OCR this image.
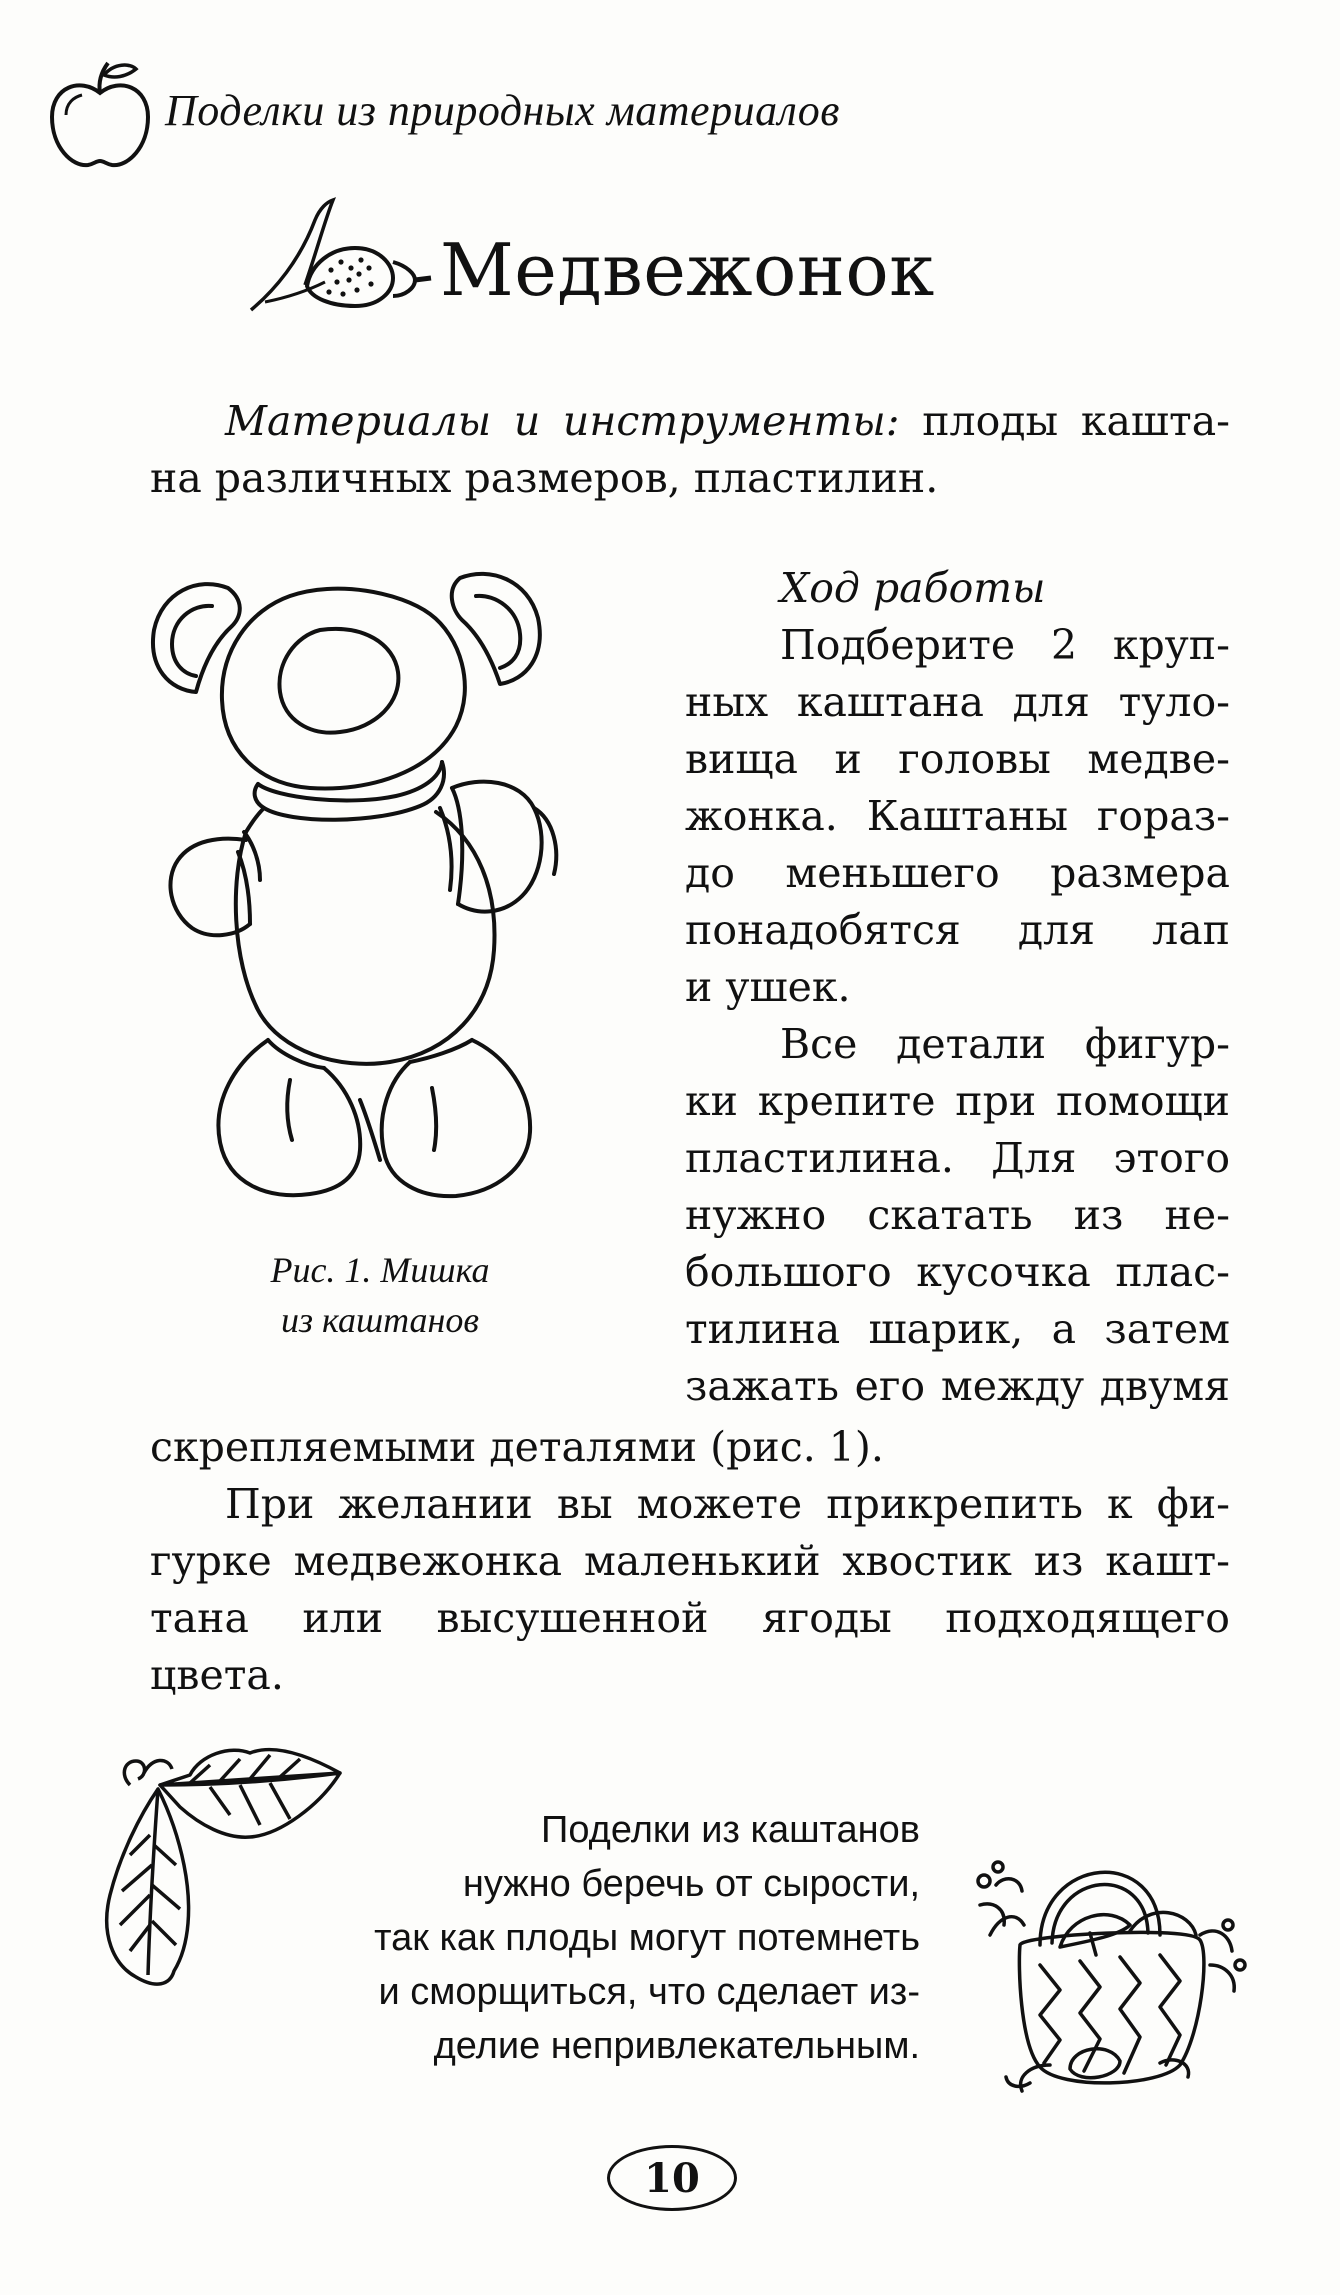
Поделки из природных материалов
Медвежонок
Материалы и инструменты: плоды кашта-
на различных размеров, пластилин.
Ход работы
Подберите 2 круп-
ных каштана для туло-
вища и головы медве-
жонка. Каштаны гораз-
до меньшего размера
понадобятся для лап
и ушек.
Все детали фигур-
ки крепите при помощи
пластилина. Для этого
нужно скатать из не-
большого кусочка плас-
тилина шарик, а затем
зажать его между двумя
Рис. 1. Мишка
из каштанов
скрепляемыми деталями (рис. 1).
При желании вы можете прикрепить к фи-
гурке медвежонка маленький хвостик из кашт-
тана или высушенной ягоды подходящего
цвета.
Поделки из каштанов
нужно беречь от сырости,
так как плоды могут потемнеть
и сморщиться, что сделает из-
делие непривлекательным.
10
